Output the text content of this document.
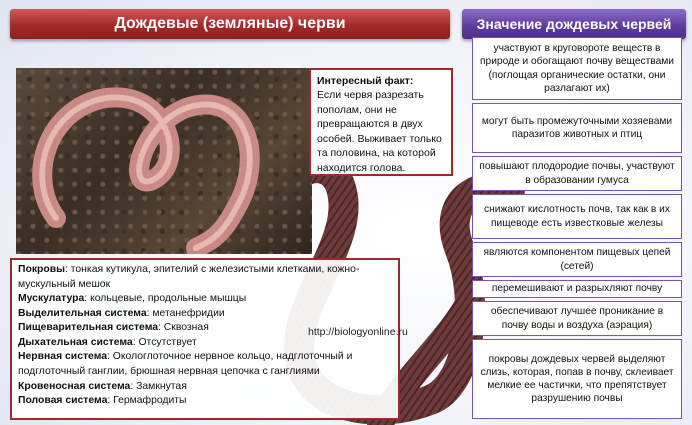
Дождевые (земляные) черви	Значение дождевых червей
Интересный факт:
Если червя разрезать пополам, они не превращаются в двух особей. Выживает только та половина, на которой находится голова.
Покровы: тонкая кутикула, эпителий с железистыми клетками, кожно-мускульный мешок
Мускулатура: кольцевые, продольные мышцы
Выделительная система: метанефридии
Пищеварительная система: Сквозная
Дыхательная система: Отсутствует
Нервная система: Окологлоточное нервное кольцо, надглоточный и подглоточный ганглии, брюшная нервная цепочка с ганглиями
Кровеносная система: Замкнутая
Половая система: Гермафродиты
http://biologyonline.ru
участвуют в круговороте веществ в природе и обогащают почву веществами (поглощая органические остатки, они разлагают их)
могут быть промежуточными хозяевами паразитов животных и птиц
повышают плодородие почвы, участвуют в образовании гумуса
снижают кислотность почв, так как в их пищеводе есть известковые железы
являются компонентом пищевых цепей (сетей)
перемешивают и разрыхляют почву
обеспечивают лучшее проникание в почву воды и воздуха (аэрация)
покровы дождевых червей выделяют слизь, которая, попав в почву, склеивает мелкие ее частички, что препятствует разрушению почвы
